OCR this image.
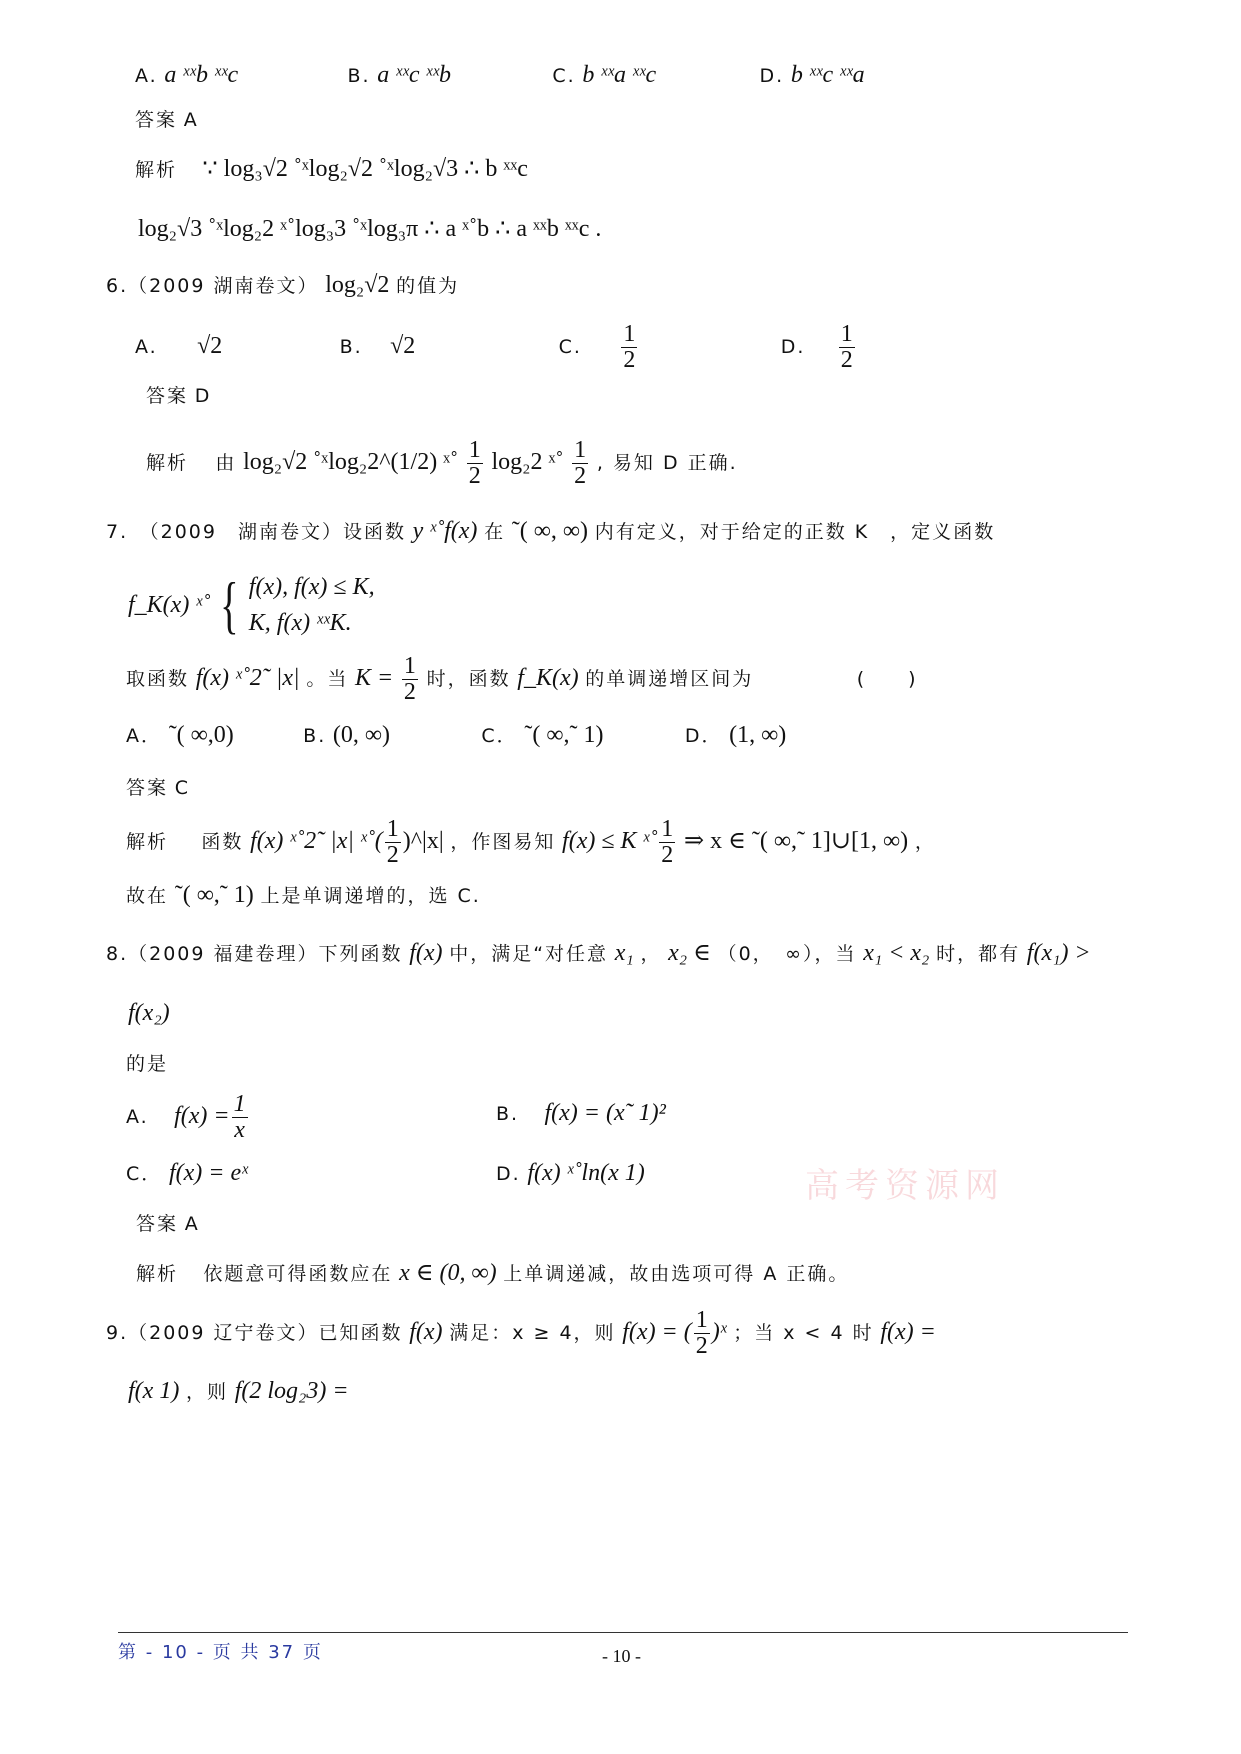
A. a ˣˣb ˣˣc	B. a ˣˣc ˣˣb	C. b ˣˣa ˣˣc	D. b ˣˣc ˣˣa
答案 A
解析 ∵ log₃√2 ˚ˣlog₂√2 ˚ˣlog₂√3 ∴ b ˣˣc
log₂√3 ˚ˣlog₂2 ˣ˚log₃3 ˚ˣlog₃π ∴ a ˣ˚b ∴ a ˣˣb ˣˣc .
6.（2009 湖南卷文） log₂√2 的值为
A. √2	B. √2	C. $\frac{1}{2}$	D. $\frac{1}{2}$
答案 D
解析 由 log₂√2 ˚ˣlog₂2^(1/2) ˣ˚ $\frac{1}{2} \log_22$ ˣ˚ $\frac{1}{2}$ , 易知 D 正确.
7.　（2009　湖南卷文）设函数 y ˣ˚f(x) 在 ˜( ∞, ∞) 内有定义，对于给定的正数 K　，定义函数
f_K(x) ˣ˚ { f(x), f(x) ≤ K,
K, f(x) ˣˣK.
取函数 f(x) ˣ˚2˜ |x| 。当 $K = \frac{1}{2}$ 时，函数 f_K(x) 的单调递增区间为	(　　)
A． ˜( ∞,0)	B. (0, ∞)	C． ˜( ∞,˜ 1)	D． (1, ∞)
答案 C
解析 函数 f(x) ˣ˚2˜ |x| ˣ˚( $\frac{1}{2}$ )^|x| ，作图易知 f(x) ≤ K ˣ˚ $\frac{1}{2}$ ⇒ x ∈ ˜( ∞,˜ 1]∪[1, ∞) ，
故在 ˜( ∞,˜ 1) 上是单调递增的，选 C.
8.（2009 福建卷理）下列函数 f(x) 中，满足“对任意 x₁ ， x₂ ∈ （0，　∞），当 x₁ < x₂ 时，都有 f(x₁) >
f(x₂)
的是
高考资源网
A. $f(x) = \frac{1}{x}$	B. f(x) = (x˜ 1)²
C． f(x) = eˣ	D. f(x) ˣ˚ln(x 1)
答案 A
解析 依题意可得函数应在 x ∈ (0, ∞) 上单调递减，故由选项可得 A 正确。
9.（2009 辽宁卷文）已知函数 f(x) 满足：x ≥ 4，则 f(x) = ( $\frac{1}{2}$ )ˣ ；当 x < 4 时 f(x) =
f(x 1) ，则 f(2 log₂3) =
第 - 10 - 页 共 37 页	- 10 -
